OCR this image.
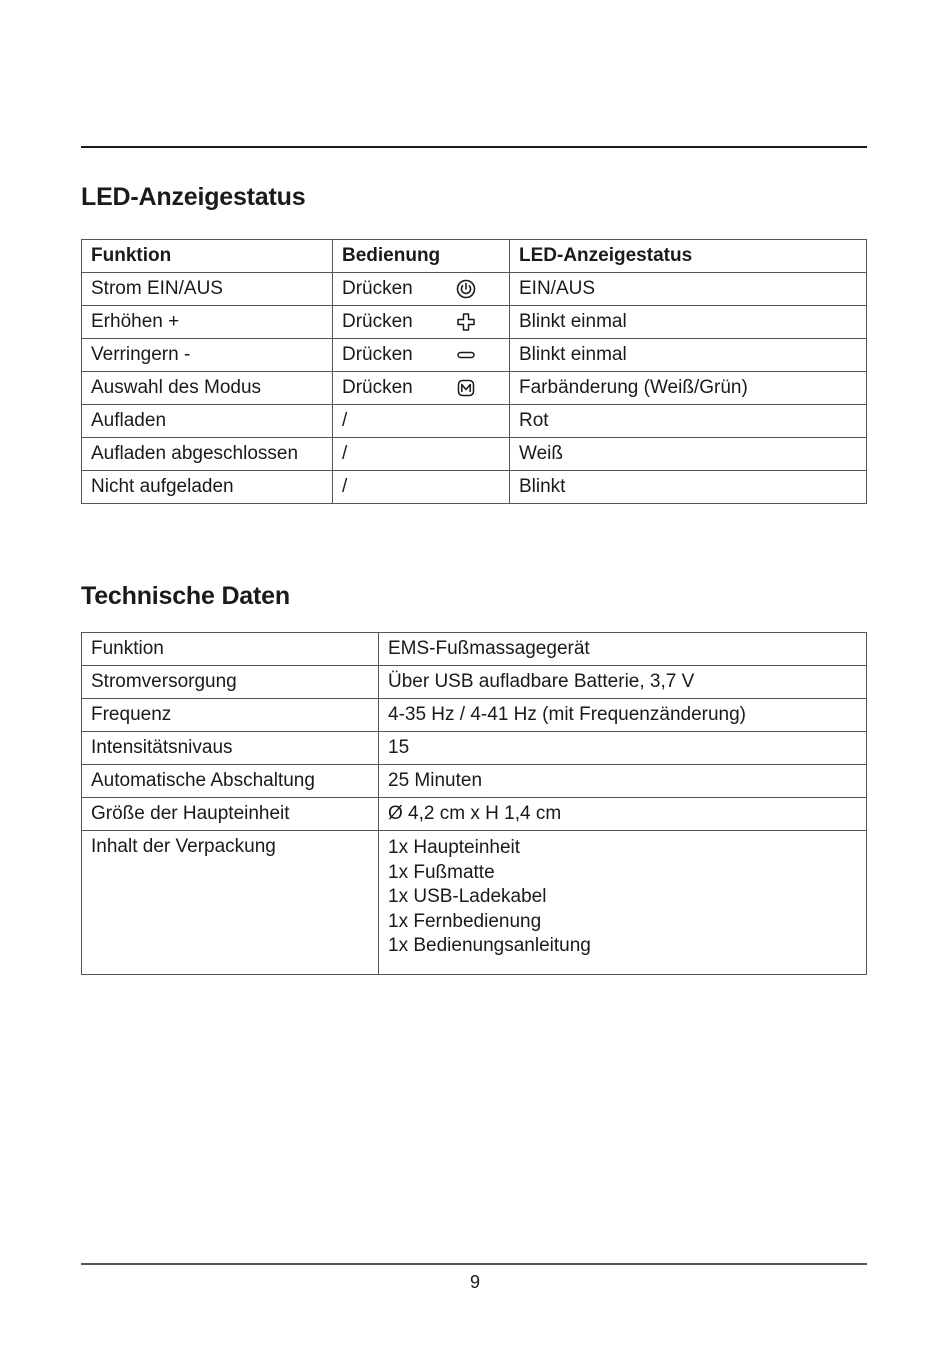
LED-Anzeigestatus
Funktion	Bedienung	LED-Anzeigestatus
Strom EIN/AUS	Drücken	EIN/AUS
Erhöhen +	Drücken	Blinkt einmal
Verringern -	Drücken	Blinkt einmal
Auswahl des Modus	Drücken	Farbänderung (Weiß/Grün)
Aufladen	/	Rot
Aufladen abgeschlossen	/	Weiß
Nicht aufgeladen	/	Blinkt
Technische Daten
Funktion	EMS-Fußmassagegerät
Stromversorgung	Über USB aufladbare Batterie, 3,7 V
Frequenz	4-35 Hz / 4-41 Hz (mit Frequenzänderung)
Intensitätsnivaus	15
Automatische Abschaltung	25 Minuten
Größe der Haupteinheit	Ø 4,2 cm x H 1,4 cm
Inhalt der Verpackung	1x Haupteinheit
1x Fußmatte
1x USB-Ladekabel
1x Fernbedienung
1x Bedienungsanleitung
9
